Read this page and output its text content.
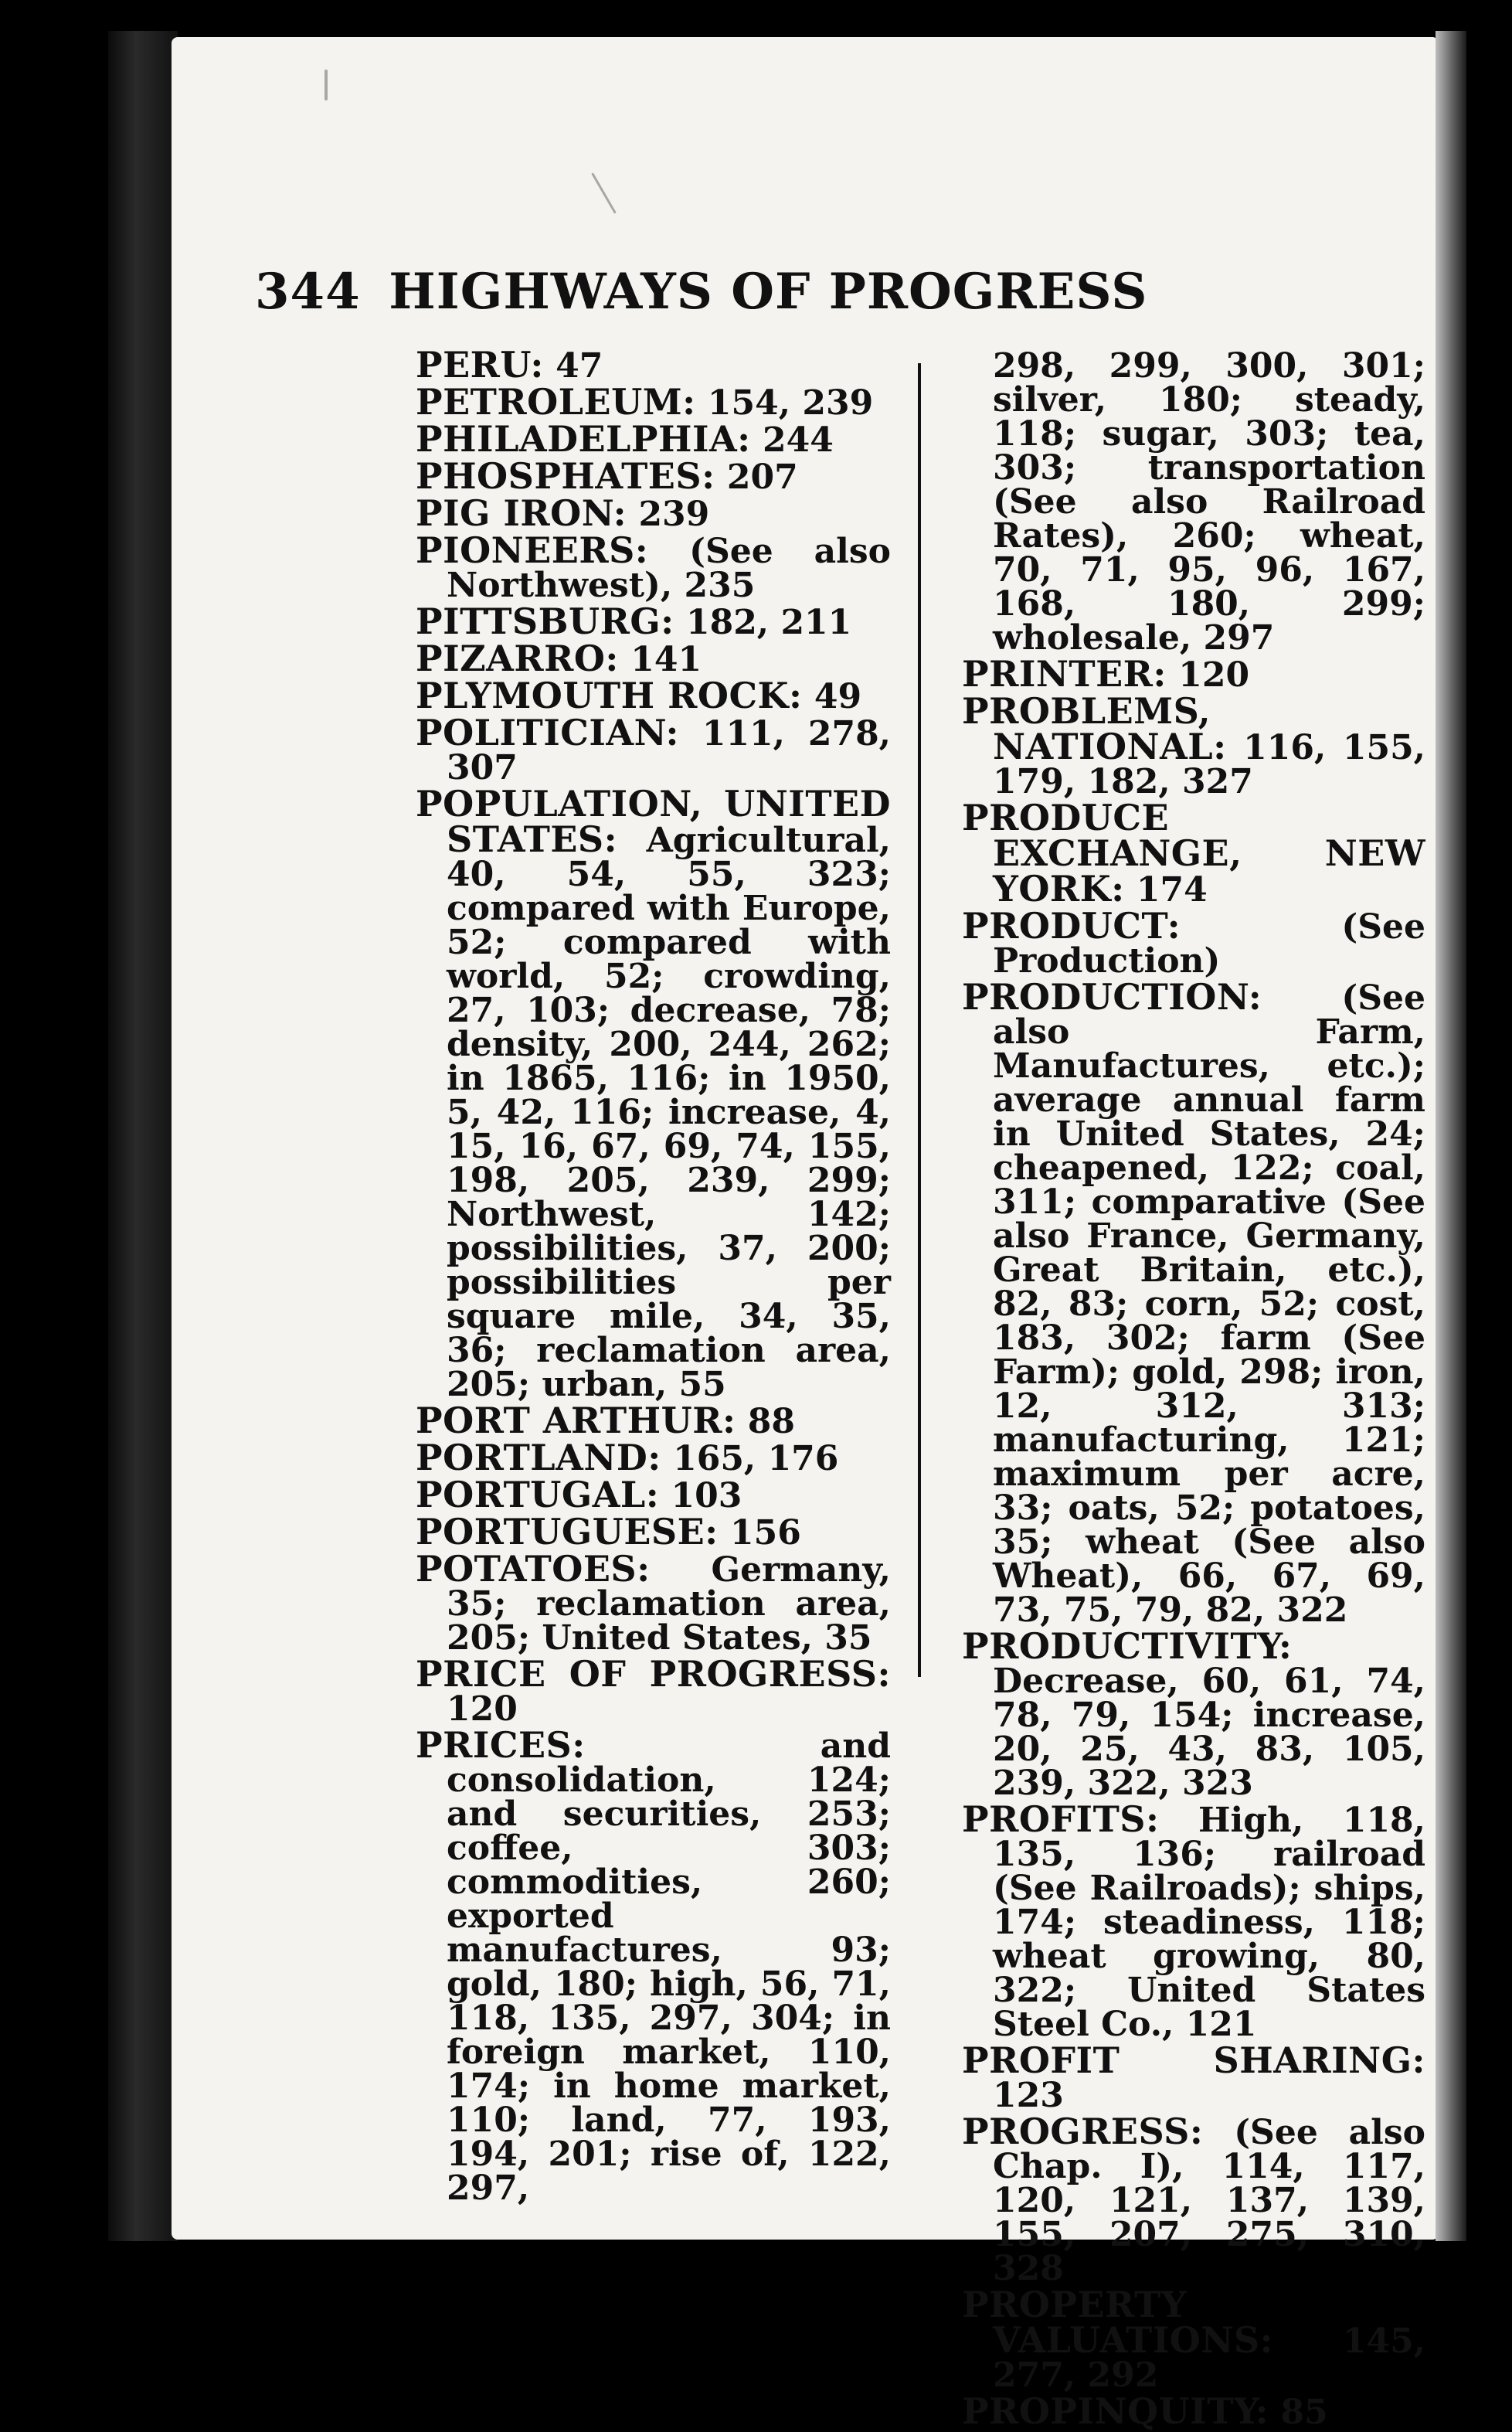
344 HIGHWAYS OF PROGRESS
PERU: 47
PETROLEUM: 154, 239
PHILADELPHIA: 244
PHOSPHATES: 207
PIG IRON: 239
PIONEERS: (See also Northwest), 235
PITTSBURG: 182, 211
PIZARRO: 141
PLYMOUTH ROCK: 49
POLITICIAN: 111, 278, 307
POPULATION, UNITED STATES: Agricultural, 40, 54, 55, 323; compared with Europe, 52; compared with world, 52; crowding, 27, 103; decrease, 78; density, 200, 244, 262; in 1865, 116; in 1950, 5, 42, 116; increase, 4, 15, 16, 67, 69, 74, 155, 198, 205, 239, 299; Northwest, 142; possibilities, 37, 200; possibilities per square mile, 34, 35, 36; reclamation area, 205; urban, 55
PORT ARTHUR: 88
PORTLAND: 165, 176
PORTUGAL: 103
PORTUGUESE: 156
POTATOES: Germany, 35; reclamation area, 205; United States, 35
PRICE OF PROGRESS: 120
PRICES: and consolidation, 124; and securities, 253; coffee, 303; commodities, 260; exported manufactures, 93; gold, 180; high, 56, 71, 118, 135, 297, 304; in foreign market, 110, 174; in home market, 110; land, 77, 193, 194, 201; rise of, 122, 297,
298, 299, 300, 301; silver, 180; steady, 118; sugar, 303; tea, 303; transportation (See also Railroad Rates), 260; wheat, 70, 71, 95, 96, 167, 168, 180, 299; wholesale, 297
PRINTER: 120
PROBLEMS, NATIONAL: 116, 155, 179, 182, 327
PRODUCE EXCHANGE, NEW YORK: 174
PRODUCT: (See Production)
PRODUCTION: (See also Farm, Manufactures, etc.); average annual farm in United States, 24; cheapened, 122; coal, 311; comparative (See also France, Germany, Great Britain, etc.), 82, 83; corn, 52; cost, 183, 302; farm (See Farm); gold, 298; iron, 12, 312, 313; manufacturing, 121; maximum per acre, 33; oats, 52; potatoes, 35; wheat (See also Wheat), 66, 67, 69, 73, 75, 79, 82, 322
PRODUCTIVITY: Decrease, 60, 61, 74, 78, 79, 154; increase, 20, 25, 43, 83, 105, 239, 322, 323
PROFITS: High, 118, 135, 136; railroad (See Railroads); ships, 174; steadiness, 118; wheat growing, 80, 322; United States Steel Co., 121
PROFIT SHARING: 123
PROGRESS: (See also Chap. I), 114, 117, 120, 121, 137, 139, 155, 207, 275, 310, 328
PROPERTY VALUATIONS: 145, 277, 292
PROPINQUITY: 85
